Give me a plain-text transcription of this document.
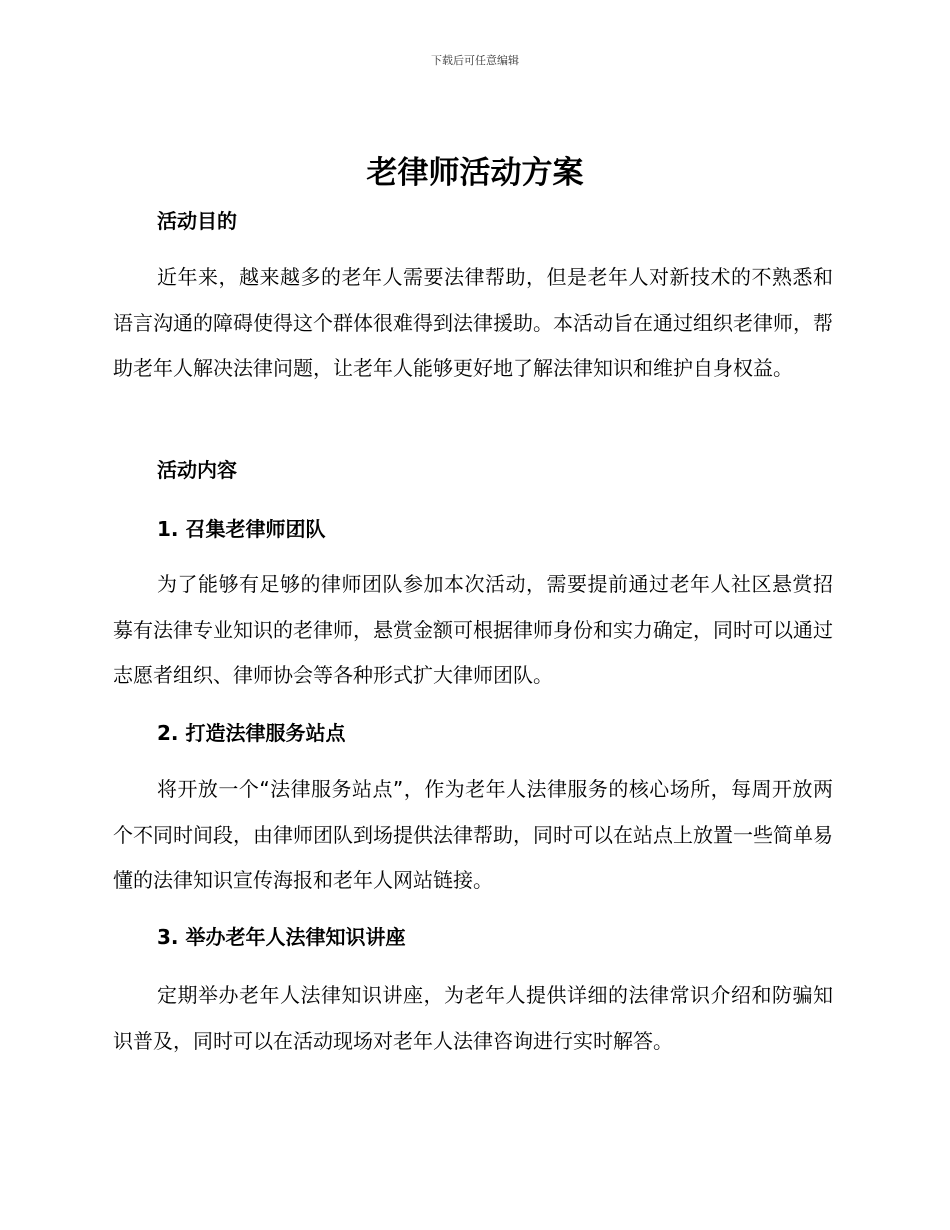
下载后可任意编辑
老律师活动方案
活动目的

近年来，越来越多的老年人需要法律帮助，但是老年人对新技术的不熟悉和语言沟通的障碍使得这个群体很难得到法律援助。本活动旨在通过组织老律师，帮助老年人解决法律问题，让老年人能够更好地了解法律知识和维护自身权益。

活动内容
1. 召集老律师团队

为了能够有足够的律师团队参加本次活动，需要提前通过老年人社区悬赏招募有法律专业知识的老律师，悬赏金额可根据律师身份和实力确定，同时可以通过志愿者组织、律师协会等各种形式扩大律师团队。

2. 打造法律服务站点

将开放一个“法律服务站点”，作为老年人法律服务的核心场所，每周开放两个不同时间段，由律师团队到场提供法律帮助，同时可以在站点上放置一些简单易懂的法律知识宣传海报和老年人网站链接。

3. 举办老年人法律知识讲座

定期举办老年人法律知识讲座，为老年人提供详细的法律常识介绍和防骗知识普及，同时可以在活动现场对老年人法律咨询进行实时解答。
